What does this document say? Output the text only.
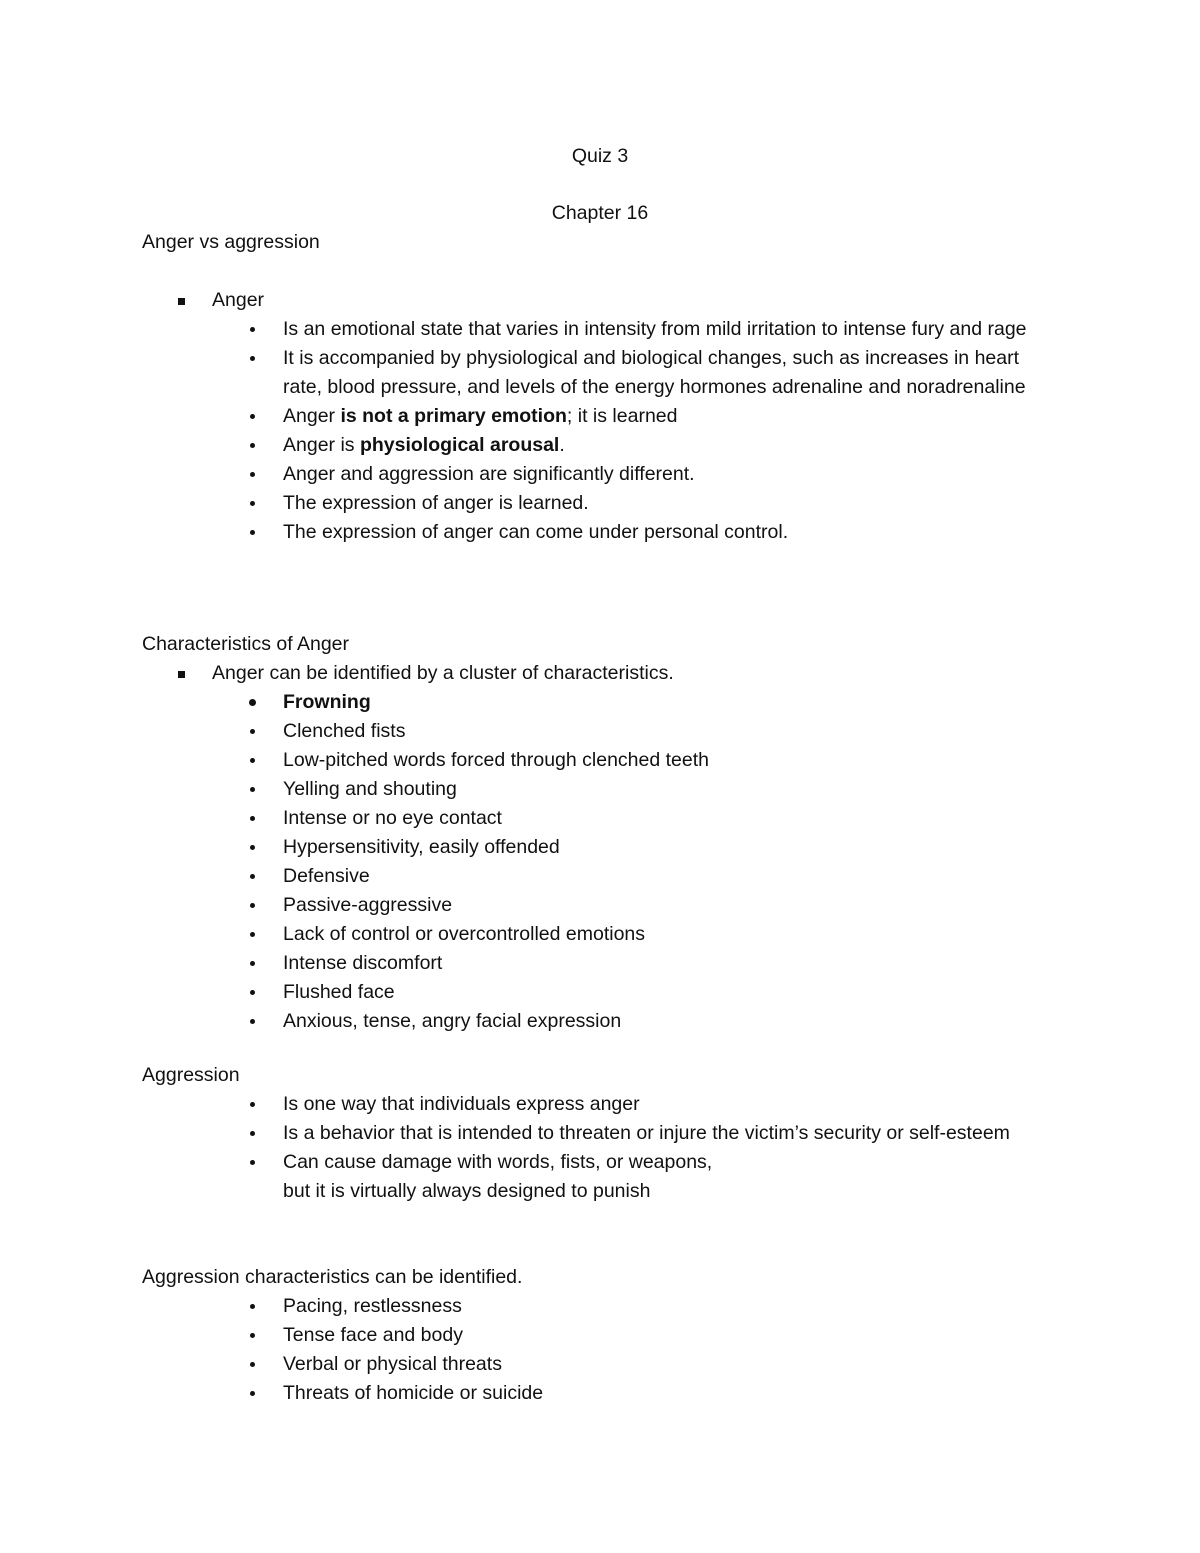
Quiz 3
Chapter 16

Anger vs aggression

Anger
Is an emotional state that varies in intensity from mild irritation to intense fury and rage
It is accompanied by physiological and biological changes, such as increases in heart rate, blood pressure, and levels of the energy hormones adrenaline and noradrenaline
Anger is not a primary emotion; it is learned
Anger is physiological arousal.
Anger and aggression are significantly different.
The expression of anger is learned.
The expression of anger can come under personal control.

Characteristics of Anger

Anger can be identified by a cluster of characteristics.
Frowning
Clenched fists
Low-pitched words forced through clenched teeth
Yelling and shouting
Intense or no eye contact
Hypersensitivity, easily offended
Defensive
Passive-aggressive
Lack of control or overcontrolled emotions
Intense discomfort
Flushed face
Anxious, tense, angry facial expression

Aggression

Is one way that individuals express anger
Is a behavior that is intended to threaten or injure the victim’s security or self-esteem
Can cause damage with words, fists, or weapons,
but it is virtually always designed to punish

Aggression characteristics can be identified.

Pacing, restlessness
Tense face and body
Verbal or physical threats
Threats of homicide or suicide
